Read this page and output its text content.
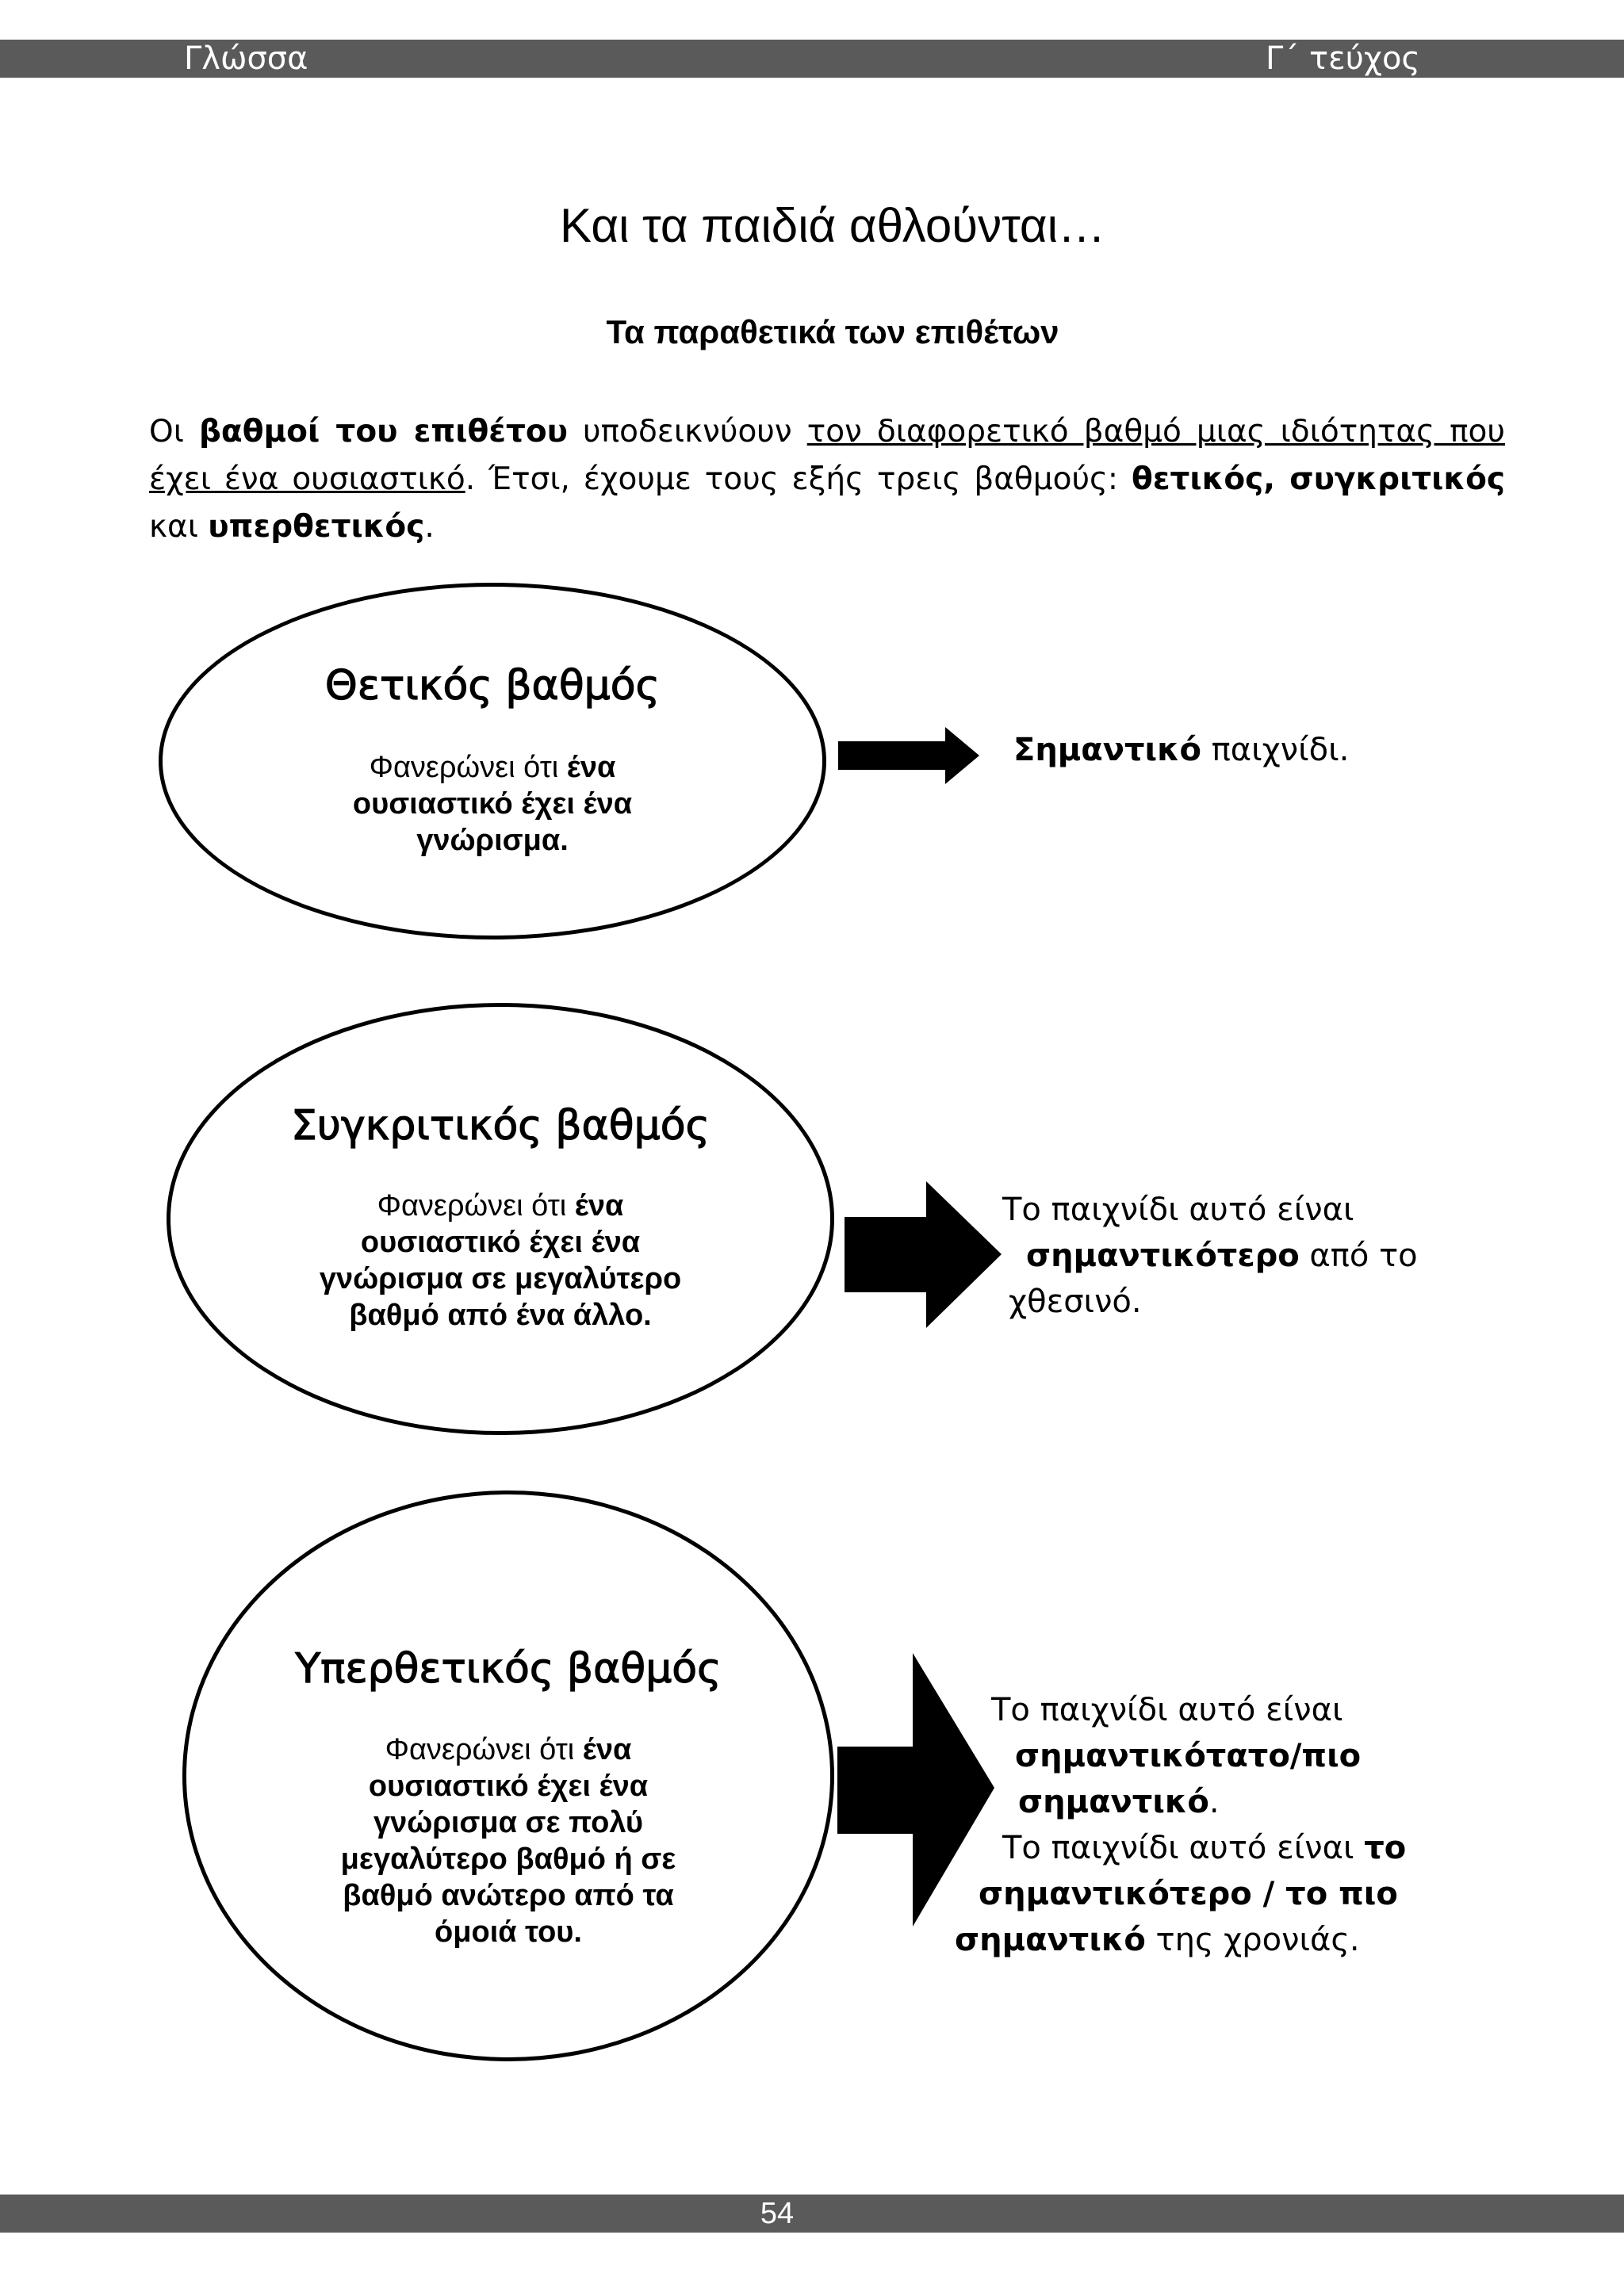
Γλώσσα	Γ΄ τεύχος
Και τα παιδιά αθλούνται…
Τα παραθετικά των επιθέτων
Οι βαθμοί του επιθέτου υποδεικνύουν τον διαφορετικό βαθμό μιας ιδιότητας που έχει ένα ουσιαστικό. Έτσι, έχουμε τους εξής τρεις βαθμούς: θετικός, συγκριτικός και υπερθετικός.
Θετικός βαθμός
Φανερώνει ότι ένα
ουσιαστικό έχει ένα
γνώρισμα.
Σημαντικό παιχνίδι.
Συγκριτικός βαθμός
Φανερώνει ότι ένα
ουσιαστικό έχει ένα
γνώρισμα σε μεγαλύτερο
βαθμό από ένα άλλο.
Το παιχνίδι αυτό είναι
σημαντικότερο από το
χθεσινό.
Υπερθετικός βαθμός
Φανερώνει ότι ένα
ουσιαστικό έχει ένα
γνώρισμα σε πολύ
μεγαλύτερο βαθμό ή σε
βαθμό ανώτερο από τα
όμοιά του.
Το παιχνίδι αυτό είναι
σημαντικότατο/πιο
σημαντικό.
Το παιχνίδι αυτό είναι το
σημαντικότερο / το πιο
σημαντικό της χρονιάς.
54
